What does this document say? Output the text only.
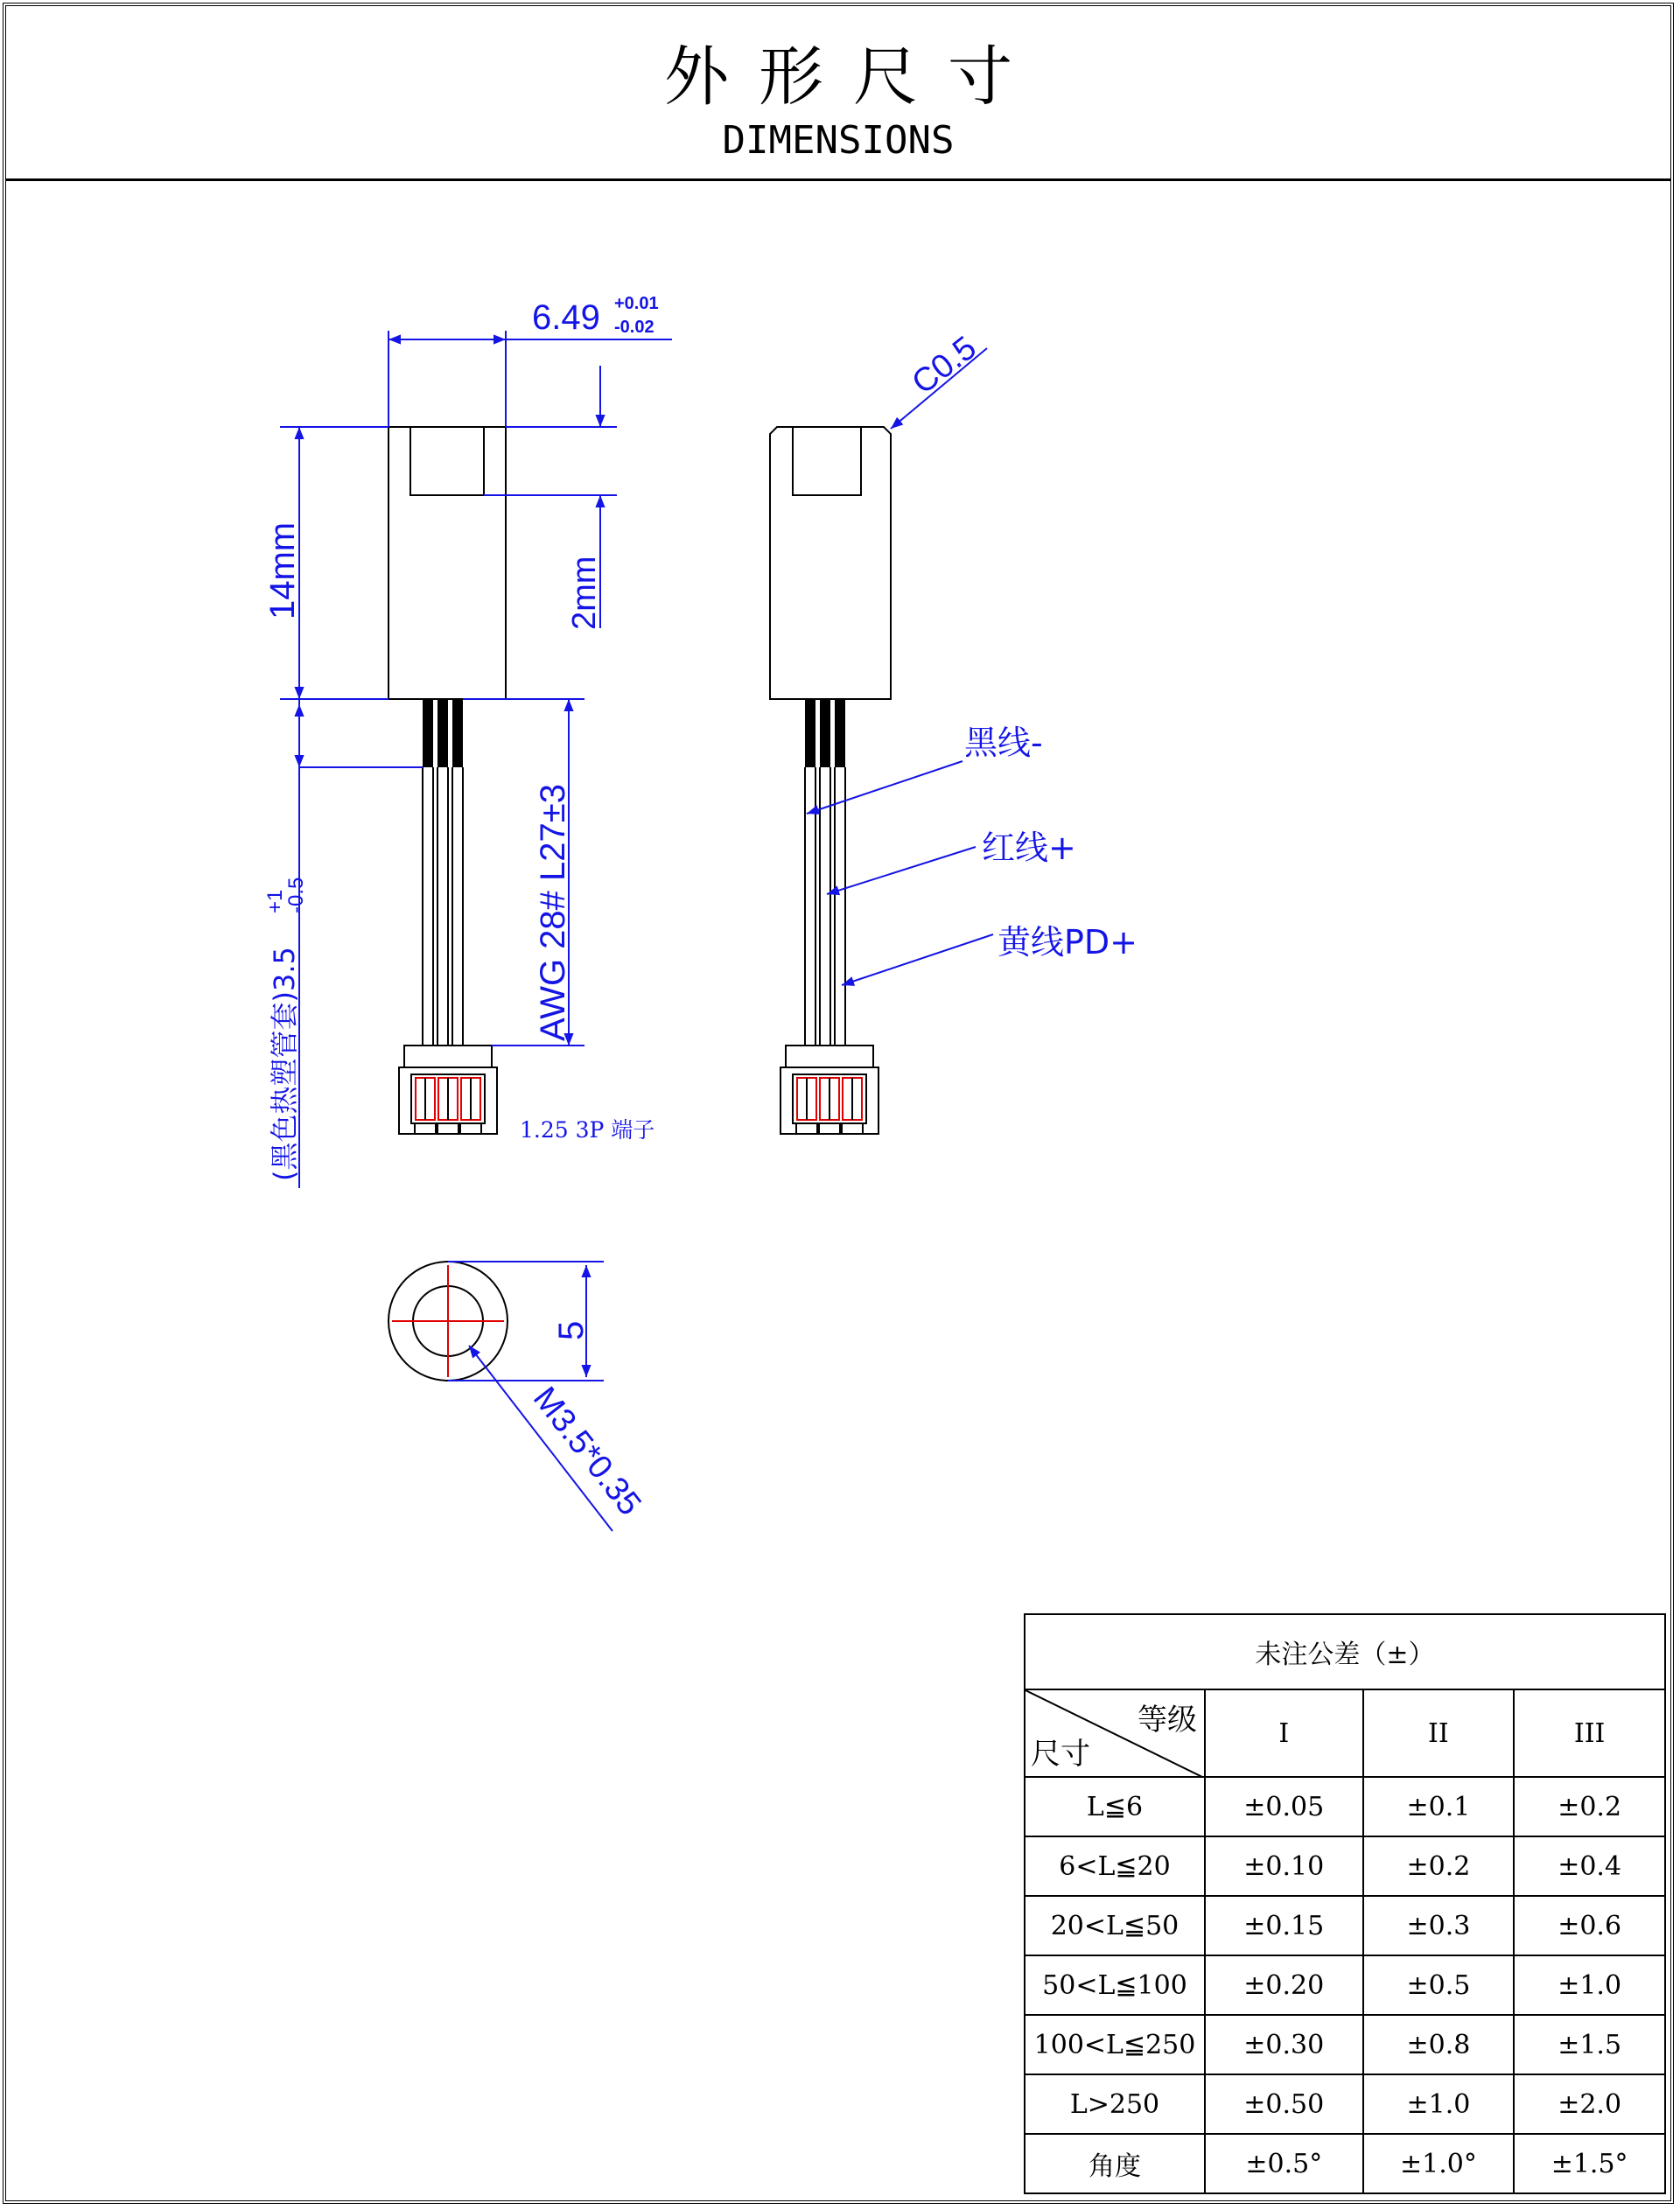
外形尺寸
DIMENSIONS
6.49 +0.01
-0.02
14mm	2mm
AWG 28# L27±3
(黑色热塑管套)3.5
+1
-0.5
1.25 3P 端子
C0.5
黑线-
红线+
黄线PD+
5
M3.5*0.35
未注公差（±）			

等级
尺寸	I	II	III
L≦6	±0.05	±0.1	±0.2
6<L≦20	±0.10	±0.2	±0.4
20<L≦50	±0.15	±0.3	±0.6
50<L≦100	±0.20	±0.5	±1.0
100<L≦250	±0.30	±0.8	±1.5
L>250	±0.50	±1.0	±2.0
角度	±0.5°	±1.0°	±1.5°
